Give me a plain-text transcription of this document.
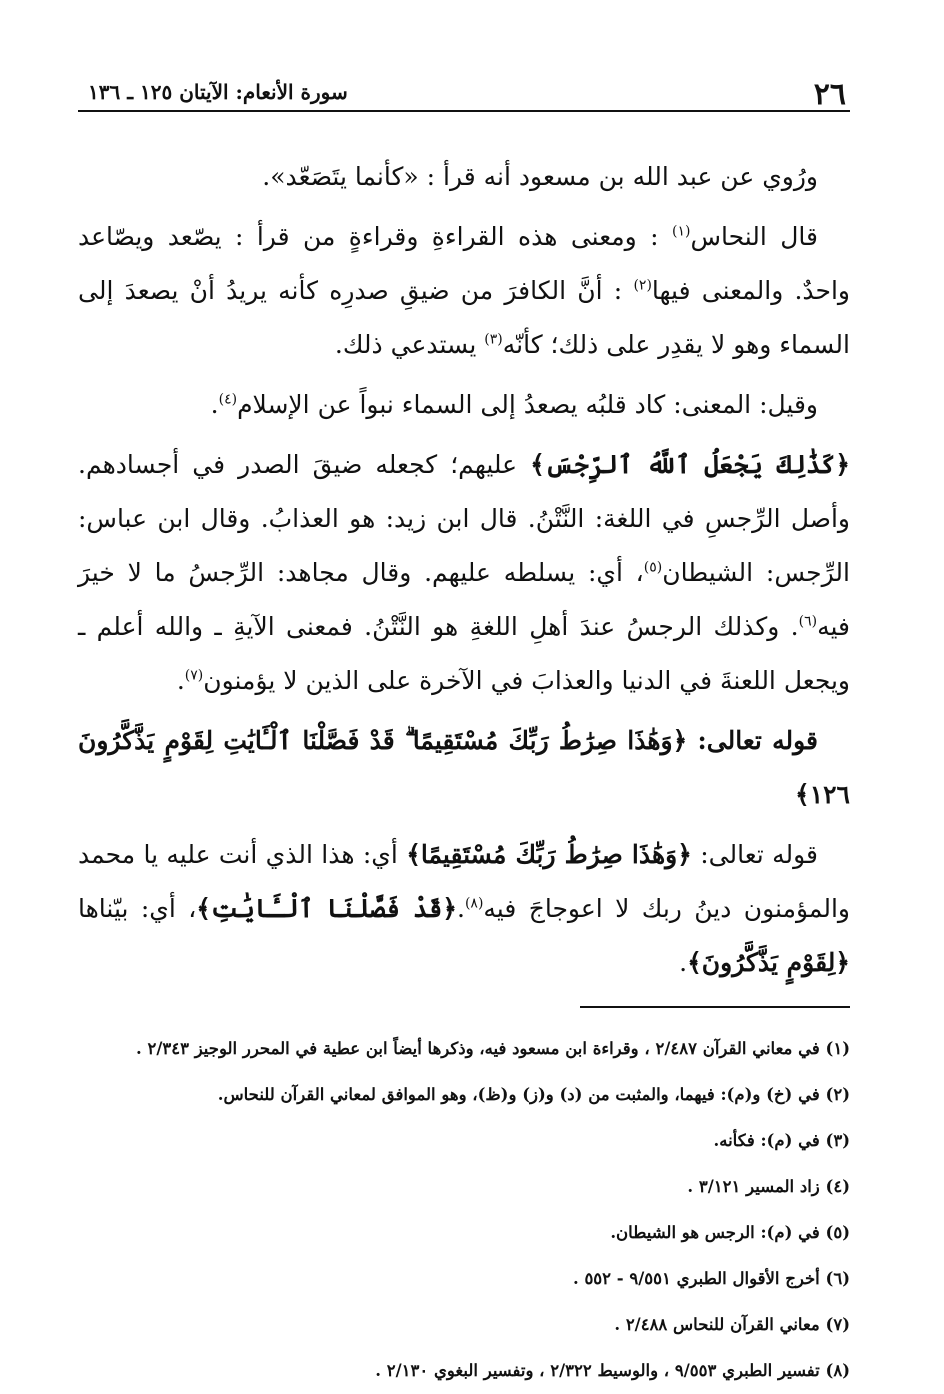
٢٦
سورة الأنعام: الآيتان ١٢٥ ـ ١٣٦

ورُوي عن عبد الله بن مسعود أنه قرأ : «كأنما يتَصَعّد».

قال النحاس$^{(١)}$ : ومعنى هذه القراءةِ وقراءةٍ من قرأ : يصّعد ويصّاعد واحدٌ. والمعنى فيها$^{(٢)}$ : أنَّ الكافرَ من ضيقِ صدرِه كأنه يريدُ أنْ يصعدَ إلى السماء وهو لا يقدِر على ذلك؛ كأنّه$^{(٣)}$ يستدعي ذلك.

وقيل: المعنى: كاد قلبُه يصعدُ إلى السماء نبواً عن الإسلام$^{(٤)}$.

﴿كَذَٰلِكَ يَجْعَلُ ٱللَّهُ ٱلرِّجْسَ﴾ عليهم؛ كجعله ضيقَ الصدر في أجسادهم. وأصل الرِّجسِ في اللغة: النَّتْنُ. قال ابن زيد: هو العذابُ. وقال ابن عباس: الرِّجس: الشيطان$^{(٥)}$، أي: يسلطه عليهم. وقال مجاهد: الرِّجسُ ما لا خيرَ فيه$^{(٦)}$. وكذلك الرجسُ عندَ أهلِ اللغةِ هو النَّتْنُ. فمعنى الآيةِ ـ والله أعلم ـ ويجعل اللعنةَ في الدنيا والعذابَ في الآخرة على الذين لا يؤمنون$^{(٧)}$.

قوله تعالى: ﴿وَهَٰذَا صِرَٰطُ رَبِّكَ مُسْتَقِيمًا ۗ قَدْ فَصَّلْنَا ٱلْـَٔايَٰتِ لِقَوْمٍ يَذَّكَّرُونَ ١٢٦﴾

قوله تعالى: ﴿وَهَٰذَا صِرَٰطُ رَبِّكَ مُسْتَقِيمًا﴾ أي: هذا الذي أنت عليه يا محمد والمؤمنون دينُ ربك لا اعوجاجَ فيه$^{(٨)}$.﴿قَدْ فَصَّلْنَا ٱلْـَٔايَٰتِ﴾، أي: بيّناها ﴿لِقَوْمٍ يَذَّكَّرُونَ﴾.

(١) في معاني القرآن ٢/٤٨٧ ، وقراءة ابن مسعود فيه، وذكرها أيضاً ابن عطية في المحرر الوجيز ٢/٣٤٣ .
(٢) في (خ) و(م): فيهما، والمثبت من (د) و(ز) و(ظ)، وهو الموافق لمعاني القرآن للنحاس.
(٣) في (م): فكأنه.
(٤) زاد المسير ٣/١٢١ .
(٥) في (م): الرجس هو الشيطان.
(٦) أخرج الأقوال الطبري ٩/٥٥١ - ٥٥٢ .
(٧) معاني القرآن للنحاس ٢/٤٨٨ .
(٨) تفسير الطبري ٩/٥٥٣ ، والوسيط ٢/٣٢٢ ، وتفسير البغوي ٢/١٣٠ .
